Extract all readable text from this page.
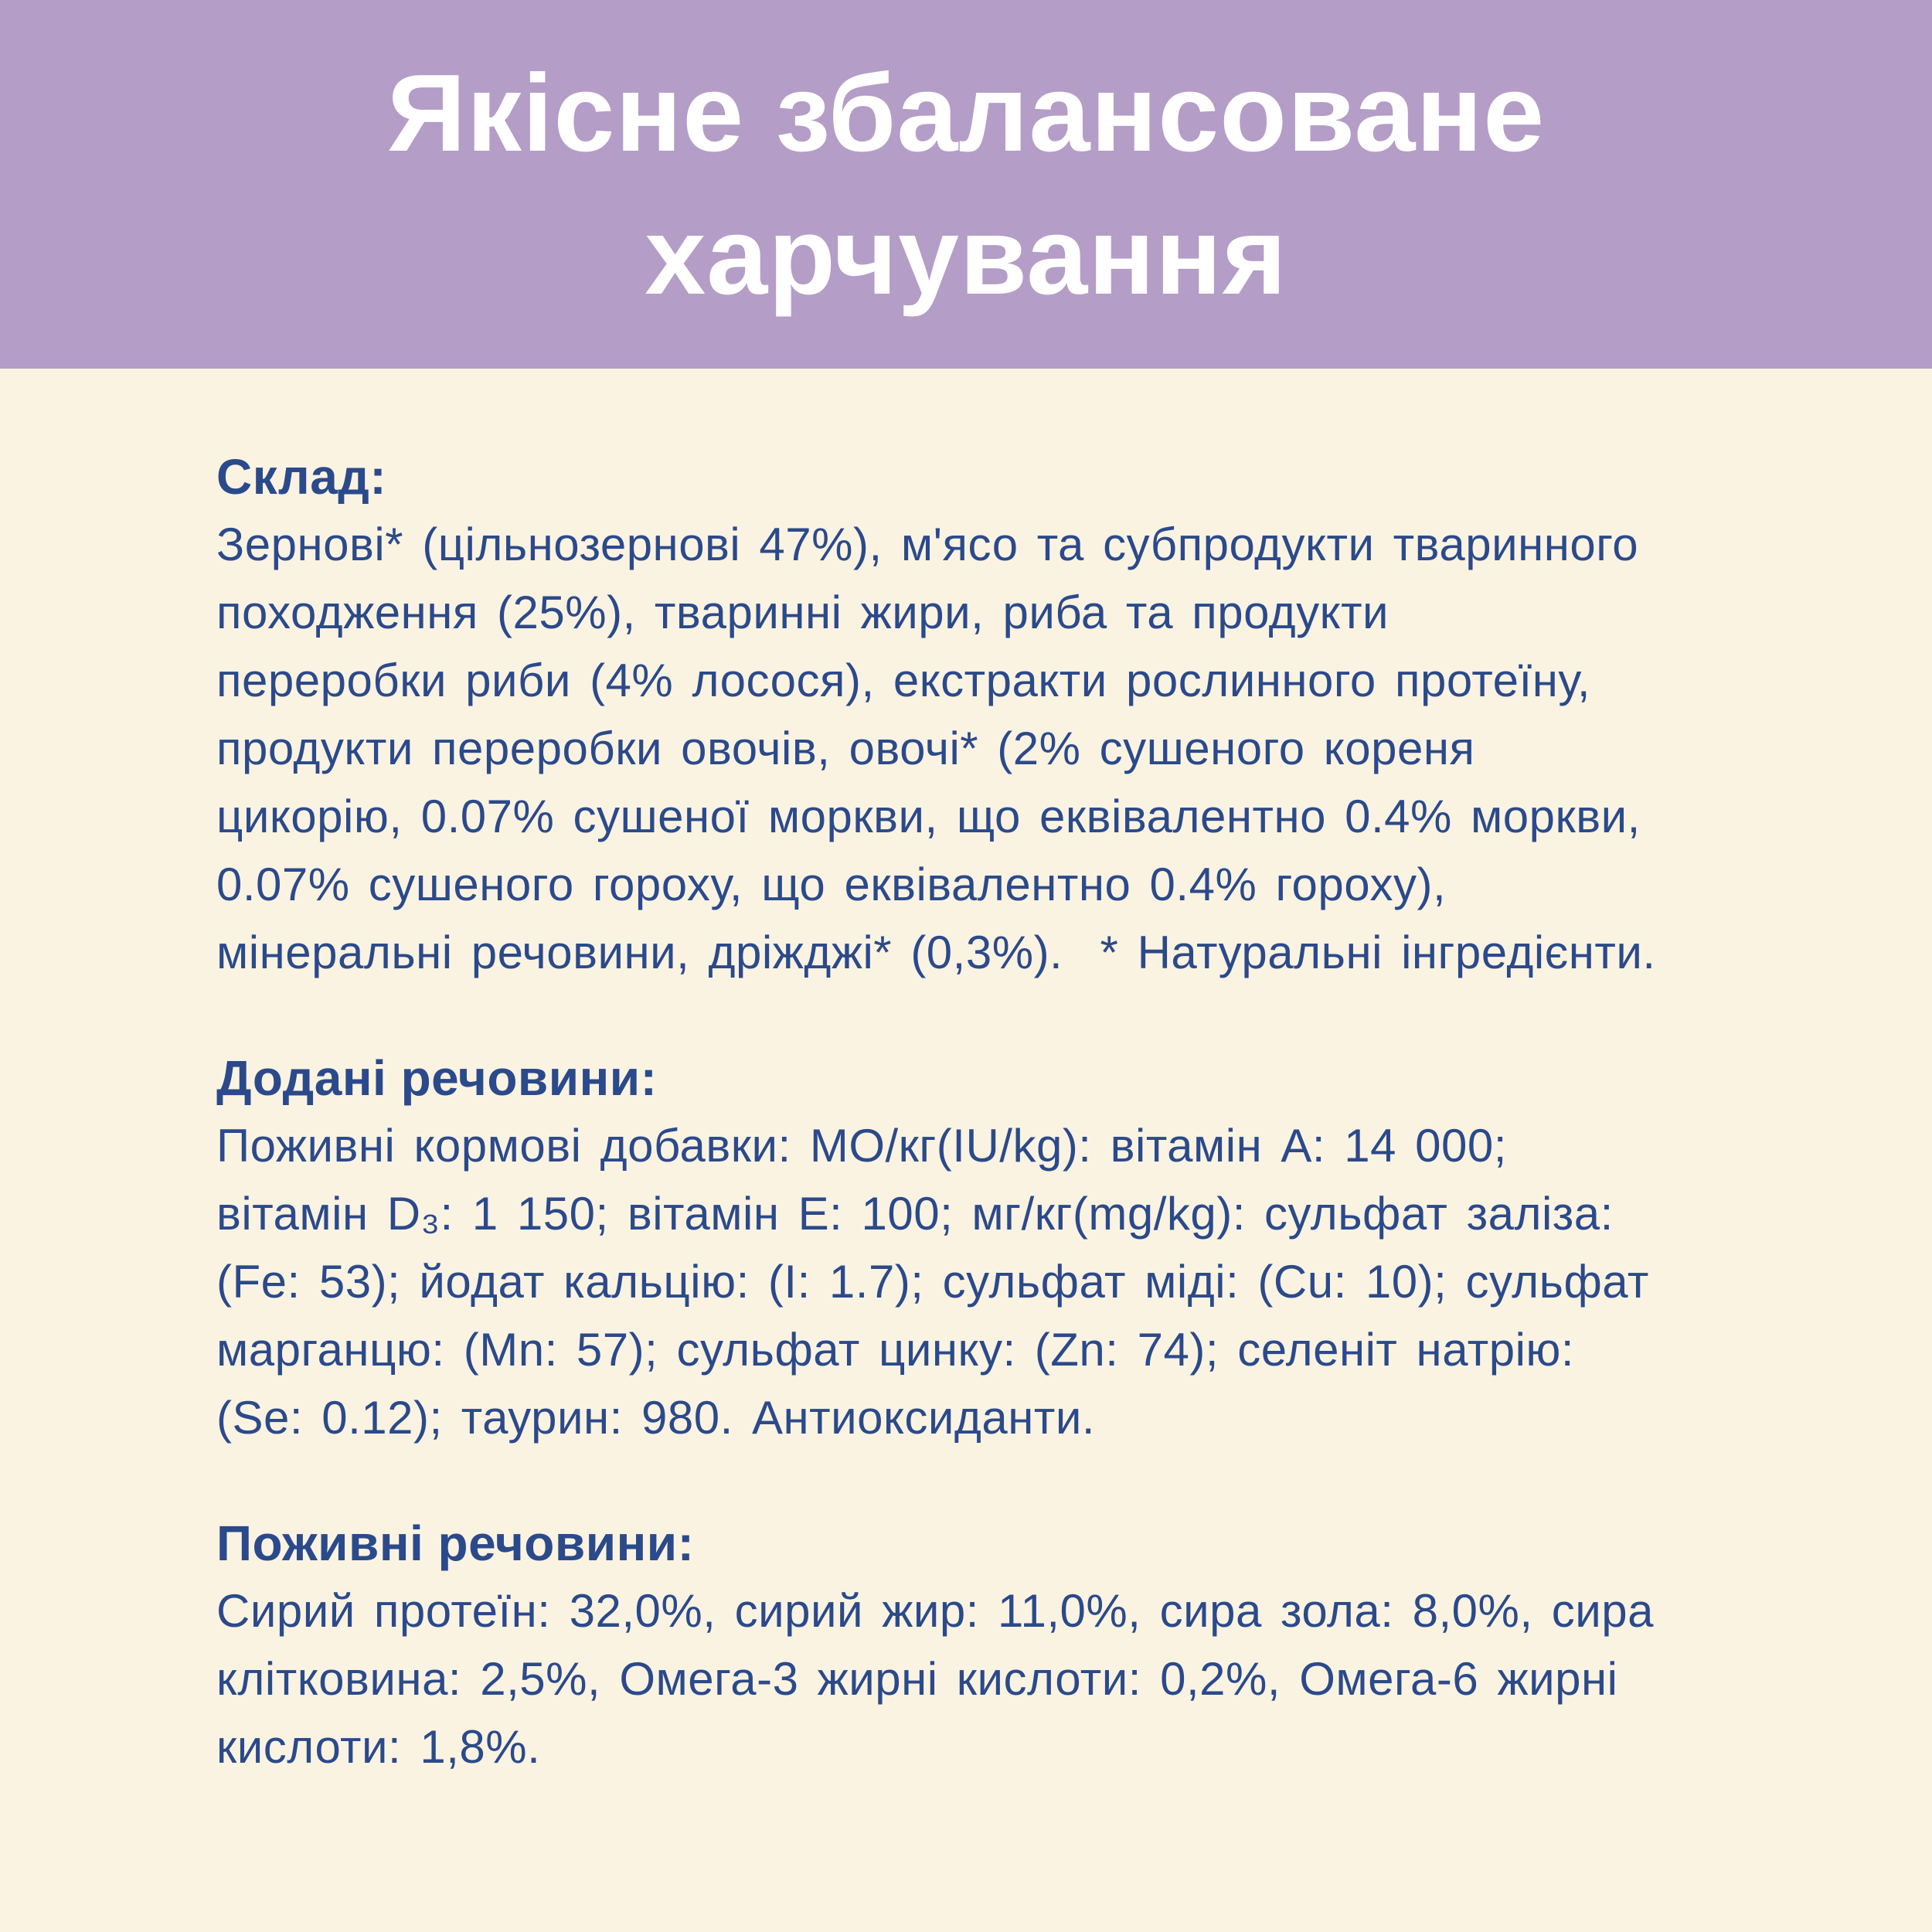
Якісне збалансоване
харчування
Склад:
Зернові* (цільнозернові 47%), м'ясо та субпродукти тваринного
походження (25%), тваринні жири, риба та продукти
переробки риби (4% лосося), екстракти рослинного протеїну,
продукти переробки овочів, овочі* (2% сушеного кореня
цикорію, 0.07% сушеної моркви, що еквівалентно 0.4% моркви,
0.07% сушеного гороху, що еквівалентно 0.4% гороху),
мінеральні речовини, дріжджі* (0,3%).  * Натуральні інгредієнти.
Додані речовини:
Поживні кормові добавки: МО/кг(IU/kg): вітамін А: 14 000;
вітамін D₃: 1 150; вітамін Е: 100; мг/кг(mg/kg): сульфат заліза:
(Fe: 53); йодат кальцію: (I: 1.7); сульфат міді: (Cu: 10); сульфат
марганцю: (Mn: 57); сульфат цинку: (Zn: 74); селеніт натрію:
(Se: 0.12); таурин: 980. Антиоксиданти.
Поживні речовини:
Сирий протеїн: 32,0%, сирий жир: 11,0%, сира зола: 8,0%, сира
клітковина: 2,5%, Омега-3 жирні кислоти: 0,2%, Омега-6 жирні
кислоти: 1,8%.
